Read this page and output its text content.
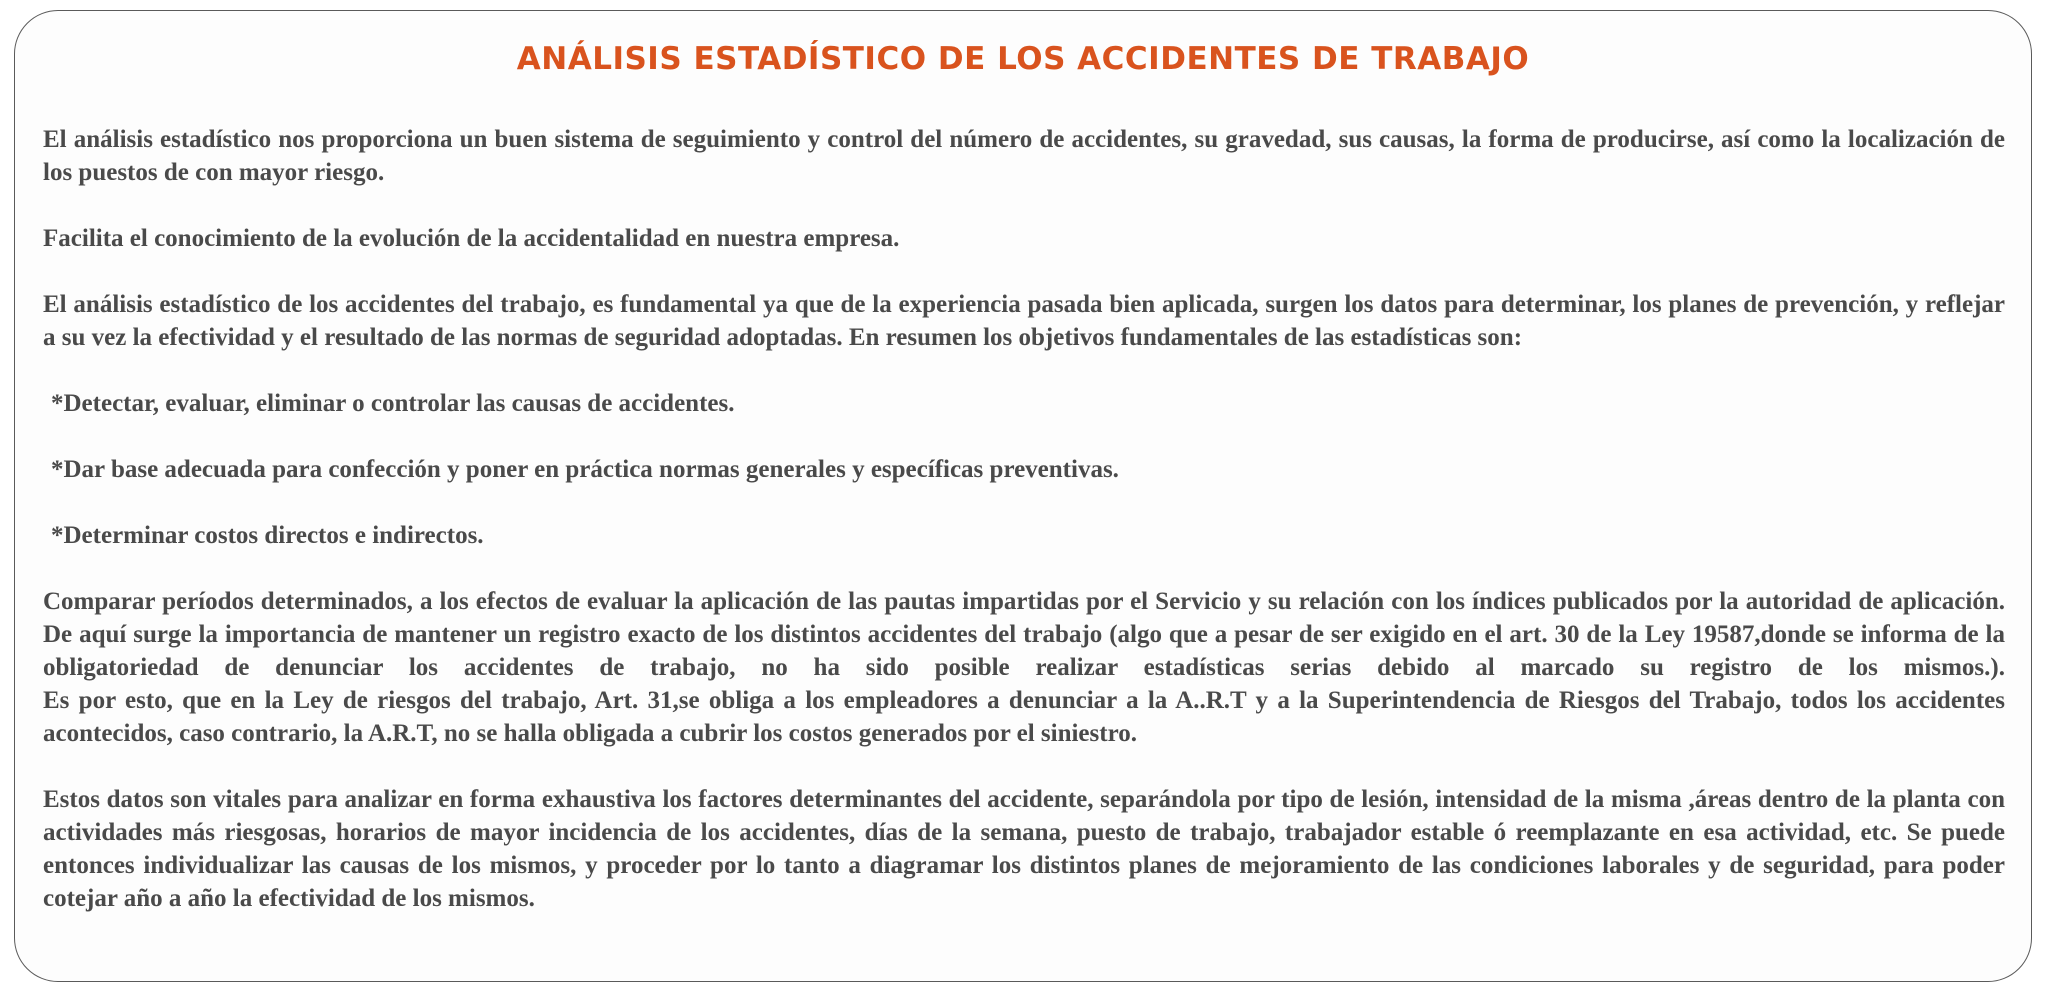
ANÁLISIS ESTADÍSTICO DE LOS ACCIDENTES DE TRABAJO

El análisis estadístico nos proporciona un buen sistema de seguimiento y control del número de accidentes, su gravedad, sus causas, la forma de producirse, así como la localización de los puestos de con mayor riesgo.

Facilita el conocimiento de la evolución de la accidentalidad en nuestra empresa.

El análisis estadístico de los accidentes del trabajo, es fundamental ya que de la experiencia pasada bien aplicada, surgen los datos para determinar, los planes de prevención, y reflejar a su vez la efectividad y el resultado de las normas de seguridad adoptadas. En resumen los objetivos fundamentales de las estadísticas son:

*Detectar, evaluar, eliminar o controlar las causas de accidentes.

*Dar base adecuada para confección y poner en práctica normas generales y específicas preventivas.

*Determinar costos directos e indirectos.

Comparar períodos determinados, a los efectos de evaluar la aplicación de las pautas impartidas por el Servicio y su relación con los índices publicados por la autoridad de aplicación. De aquí surge la importancia de mantener un registro exacto de los distintos accidentes del trabajo (algo que a pesar de ser exigido en el art. 30 de la Ley 19587,donde se informa de la obligatoriedad de denunciar los accidentes de trabajo, no ha sido posible realizar estadísticas serias debido al marcado su registro de los mismos.).

Es por esto, que en la Ley de riesgos del trabajo, Art. 31,se obliga a los empleadores a denunciar a la A..R.T y a la Superintendencia de Riesgos del Trabajo, todos los accidentes acontecidos, caso contrario, la A.R.T, no se halla obligada a cubrir los costos generados por el siniestro.

Estos datos son vitales para analizar en forma exhaustiva los factores determinantes del accidente, separándola por tipo de lesión, intensidad de la misma ,áreas dentro de la planta con actividades más riesgosas, horarios de mayor incidencia de los accidentes, días de la semana, puesto de trabajo, trabajador estable ó reemplazante en esa actividad, etc. Se puede entonces individualizar las causas de los mismos, y proceder por lo tanto a diagramar los distintos planes de mejoramiento de las condiciones laborales y de seguridad, para poder cotejar año a año la efectividad de los mismos.
